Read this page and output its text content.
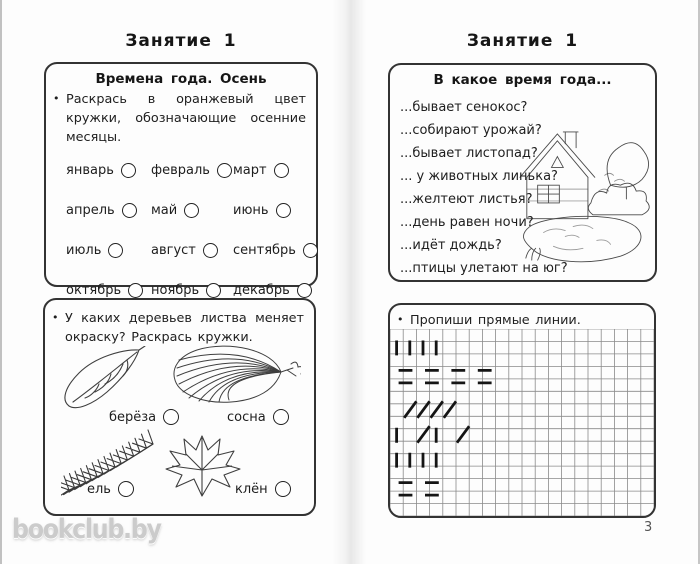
Занятие 1
Времена года. Осень

• Раскрась в оранжевый цвет кружки, обозначающие осенние месяцы.

январь	февраль март
апрель	май	июнь
июль	август	сентябрь
октябрь ноябрь	декабрь

• У каких деревьев листва меняет окраску? Раскрась кружки.

берёза	сосна
ель	клён
Занятие 1
В какое время года...
...бывает сенокос?
...собирают урожай?
...бывает листопад?
... у животных линька?
...желтеют листья?
...день равен ночи?
...идёт дождь?
...птицы улетают на юг?

• Пропиши прямые линии.

bookclub.by	3
